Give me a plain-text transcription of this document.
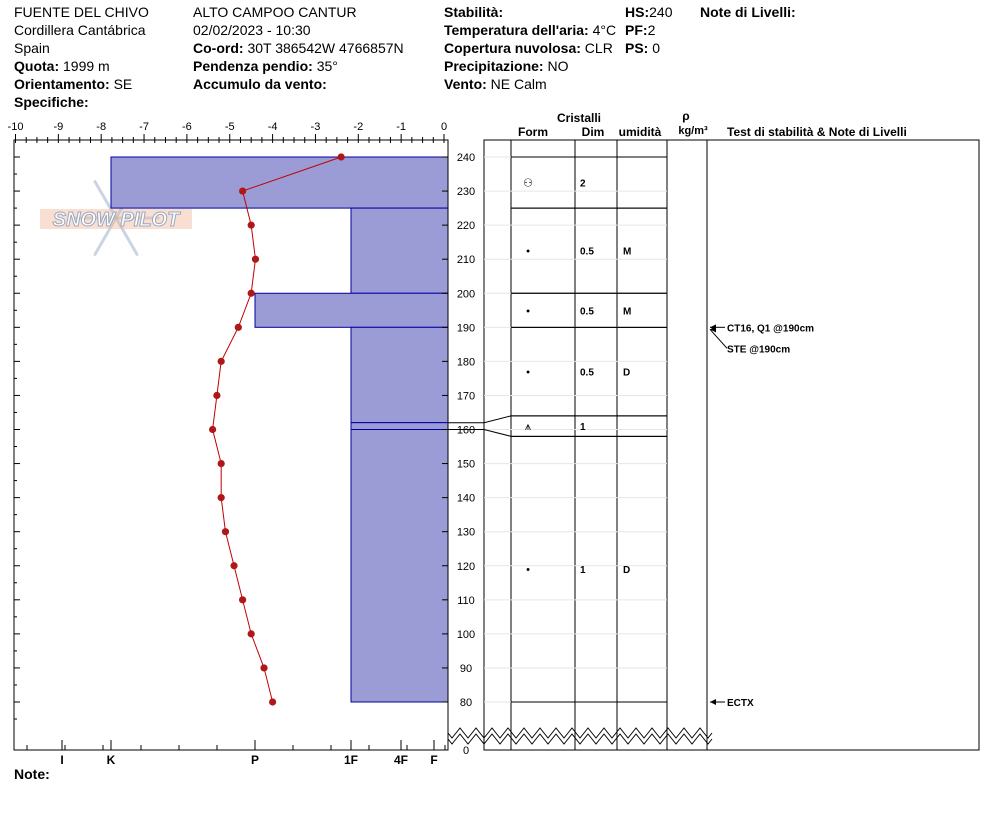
FUENTE DEL CHIVO
Cordillera Cantábrica
Spain
Quota: 1999 m
Orientamento: SE
Specifiche:
ALTO CAMPOO CANTUR
02/02/2023 - 10:30
Co-ord: 30T 386542W 4766857N
Pendenza pendio: 35°
Accumulo da vento:
Stabilità:
Temperatura dell'aria: 4°C
Copertura nuvolosa: CLR
Precipitazione: NO
Vento: NE Calm
HS:240
PF:2
PS: 0
Note di Livelli:
Note:
SNOW PILOT
-10	-9	-8	-7	-6	-5	-4	-3	-2	-1	0
240
230
220
210
200
190
180
170
160
150
140
130
120
110
100
90
80
0
I	K	P	1F	4F F
Cristalli
Form	Dim umidità
ρ
kg/m³ Test di stabilità & Note di Livelli
⚇	2
•	0.5	M
•	0.5	M
•	0.5	D
⩚	1
•	1	D
CT16, Q1 @190cm
STE @190cm
ECTX
